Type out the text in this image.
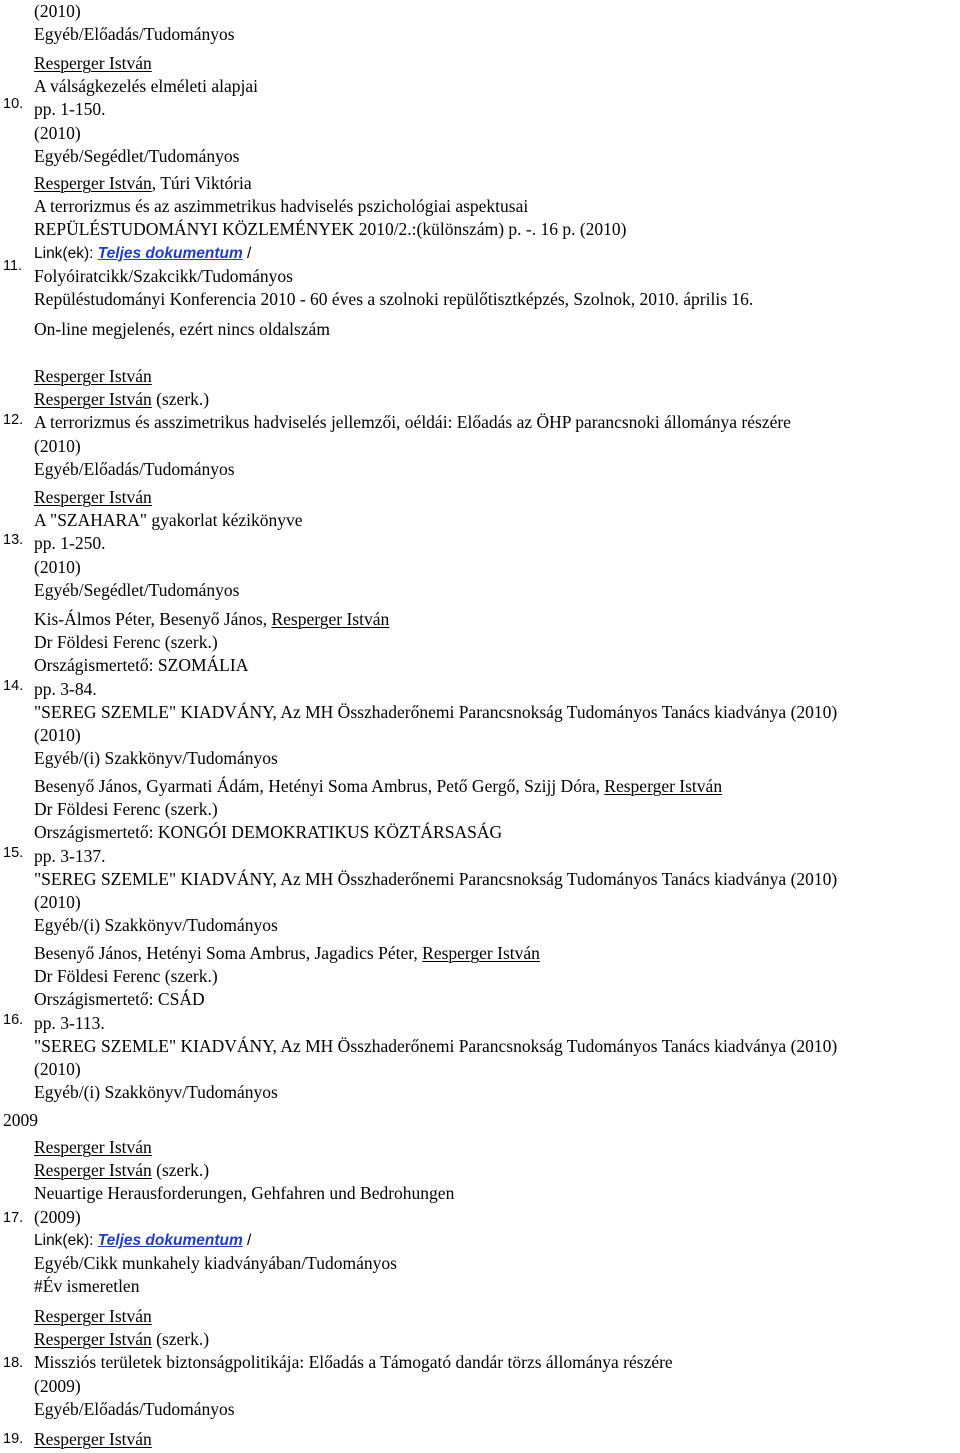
(2010)
Egyéb/Előadás/Tudományos
10.
Resperger István
A válságkezelés elméleti alapjai
pp. 1-150.
(2010)
Egyéb/Segédlet/Tudományos
11.
Resperger István, Túri Viktória
A terrorizmus és az aszimmetrikus hadviselés pszichológiai aspektusai
REPÜLÉSTUDOMÁNYI KÖZLEMÉNYEK 2010/2.:(különszám) p. -. 16 p. (2010)
Link(ek): Teljes dokumentum /
Folyóiratcikk/Szakcikk/Tudományos
Repüléstudományi Konferencia 2010 - 60 éves a szolnoki repülőtisztképzés, Szolnok, 2010. április 16.
On-line megjelenés, ezért nincs oldalszám
12.
Resperger István
Resperger István (szerk.)
A terrorizmus és asszimetrikus hadviselés jellemzői, oéldái: Előadás az ÖHP parancsnoki állománya részére
(2010)
Egyéb/Előadás/Tudományos
13.
Resperger István
A "SZAHARA" gyakorlat kézikönyve
pp. 1-250.
(2010)
Egyéb/Segédlet/Tudományos
14.
Kis-Álmos Péter, Besenyő János, Resperger István
Dr Földesi Ferenc (szerk.)
Országismertető: SZOMÁLIA
pp. 3-84.
"SEREG SZEMLE" KIADVÁNY, Az MH Összhaderőnemi Parancsnokság Tudományos Tanács kiadványa (2010)
(2010)
Egyéb/(i) Szakkönyv/Tudományos
15.
Besenyő János, Gyarmati Ádám, Hetényi Soma Ambrus, Pető Gergő, Szijj Dóra, Resperger István
Dr Földesi Ferenc (szerk.)
Országismertető: KONGÓI DEMOKRATIKUS KÖZTÁRSASÁG
pp. 3-137.
"SEREG SZEMLE" KIADVÁNY, Az MH Összhaderőnemi Parancsnokság Tudományos Tanács kiadványa (2010)
(2010)
Egyéb/(i) Szakkönyv/Tudományos
16.
Besenyő János, Hetényi Soma Ambrus, Jagadics Péter, Resperger István
Dr Földesi Ferenc (szerk.)
Országismertető: CSÁD
pp. 3-113.
"SEREG SZEMLE" KIADVÁNY, Az MH Összhaderőnemi Parancsnokság Tudományos Tanács kiadványa (2010)
(2010)
Egyéb/(i) Szakkönyv/Tudományos
2009
17.
Resperger István
Resperger István (szerk.)
Neuartige Herausforderungen, Gehfahren und Bedrohungen
(2009)
Link(ek): Teljes dokumentum /
Egyéb/Cikk munkahely kiadványában/Tudományos
#Év ismeretlen
18.
Resperger István
Resperger István (szerk.)
Missziós területek biztonságpolitikája: Előadás a Támogató dandár törzs állománya részére
(2009)
Egyéb/Előadás/Tudományos
19. Resperger István
